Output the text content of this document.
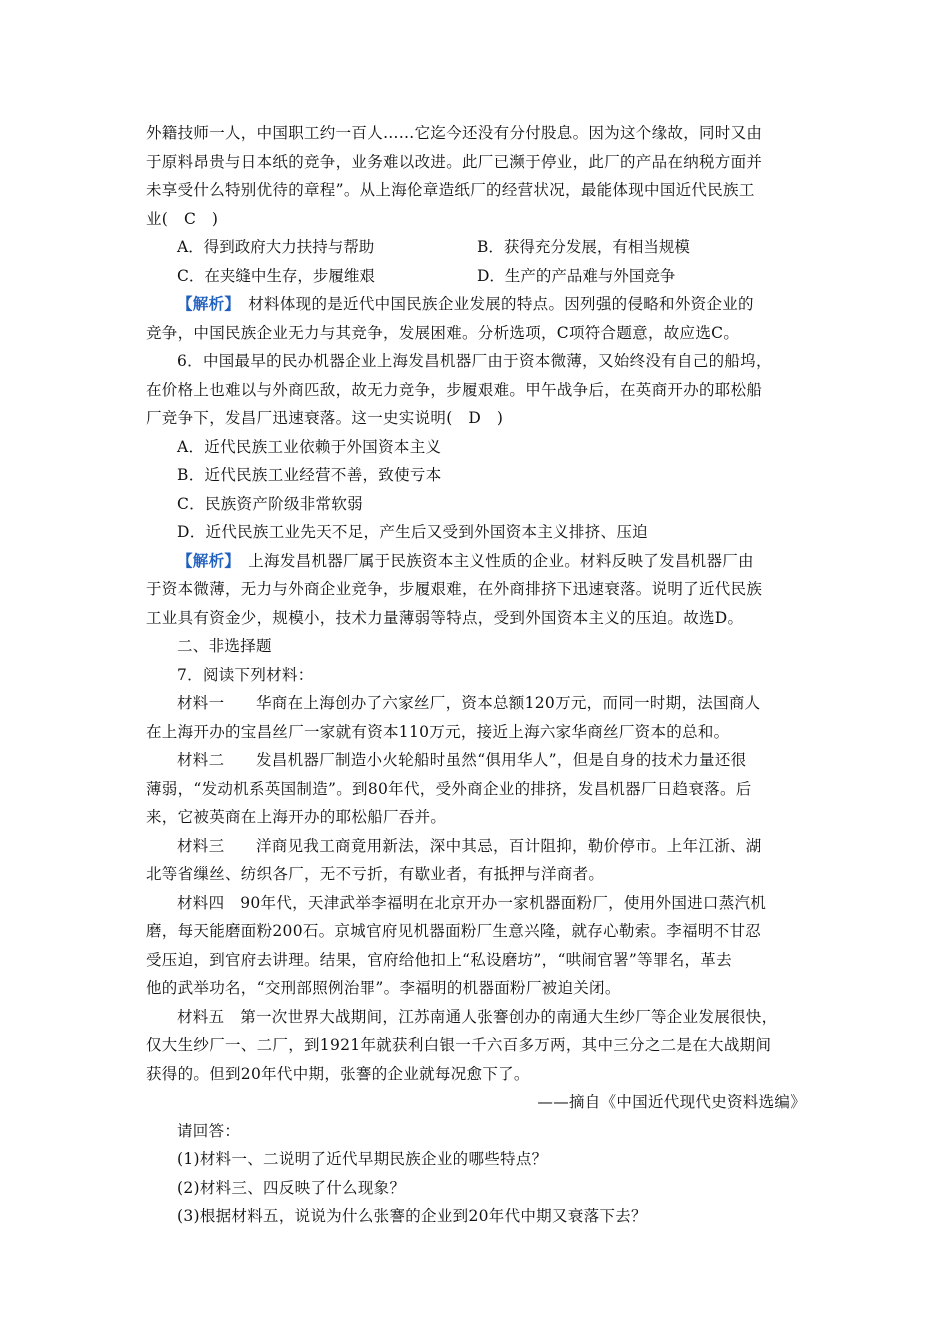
外籍技师一人，中国职工约一百人……它迄今还没有分付股息。因为这个缘故，同时又由

于原料昂贵与日本纸的竞争，业务难以改进。此厂已濒于停业，此厂的产品在纳税方面并

未享受什么特别优待的章程”。从上海伦章造纸厂的经营状况，最能体现中国近代民族工

业(　C　)

A．得到政府大力扶持与帮助	B．获得充分发展，有相当规模
C．在夹缝中生存，步履维艰	D．生产的产品难与外国竞争

【解析】　材料体现的是近代中国民族企业发展的特点。因列强的侵略和外资企业的

竞争，中国民族企业无力与其竞争，发展困难。分析选项，C项符合题意，故应选C。

6．中国最早的民办机器企业上海发昌机器厂由于资本微薄，又始终没有自己的船坞，

在价格上也难以与外商匹敌，故无力竞争，步履艰难。甲午战争后，在英商开办的耶松船

厂竞争下，发昌厂迅速衰落。这一史实说明(　D　)

A．近代民族工业依赖于外国资本主义

B．近代民族工业经营不善，致使亏本

C．民族资产阶级非常软弱

D．近代民族工业先天不足，产生后又受到外国资本主义排挤、压迫

【解析】　上海发昌机器厂属于民族资本主义性质的企业。材料反映了发昌机器厂由

于资本微薄，无力与外商企业竞争，步履艰难，在外商排挤下迅速衰落。说明了近代民族

工业具有资金少，规模小，技术力量薄弱等特点，受到外国资本主义的压迫。故选D。

二、非选择题

7．阅读下列材料：

材料一　　华商在上海创办了六家丝厂，资本总额120万元，而同一时期，法国商人

在上海开办的宝昌丝厂一家就有资本110万元，接近上海六家华商丝厂资本的总和。

材料二　　发昌机器厂制造小火轮船时虽然“俱用华人”，但是自身的技术力量还很

薄弱，“发动机系英国制造”。到80年代，受外商企业的排挤，发昌机器厂日趋衰落。后

来，它被英商在上海开办的耶松船厂吞并。

材料三　　洋商见我工商竟用新法，深中其忌，百计阻抑，勒价停市。上年江浙、湖

北等省缫丝、纺织各厂，无不亏折，有歇业者，有抵押与洋商者。

材料四　90年代，天津武举李福明在北京开办一家机器面粉厂，使用外国进口蒸汽机

磨，每天能磨面粉200石。京城官府见机器面粉厂生意兴隆，就存心勒索。李福明不甘忍

受压迫，到官府去讲理。结果，官府给他扣上“私设磨坊”，“哄闹官署”等罪名，革去

他的武举功名，“交刑部照例治罪”。李福明的机器面粉厂被迫关闭。

材料五　第一次世界大战期间，江苏南通人张謇创办的南通大生纱厂等企业发展很快，

仅大生纱厂一、二厂，到1921年就获利白银一千六百多万两，其中三分之二是在大战期间

获得的。但到20年代中期，张謇的企业就每况愈下了。

——摘自《中国近代现代史资料选编》

请回答：

(1)材料一、二说明了近代早期民族企业的哪些特点？

(2)材料三、四反映了什么现象？

(3)根据材料五，说说为什么张謇的企业到20年代中期又衰落下去？
